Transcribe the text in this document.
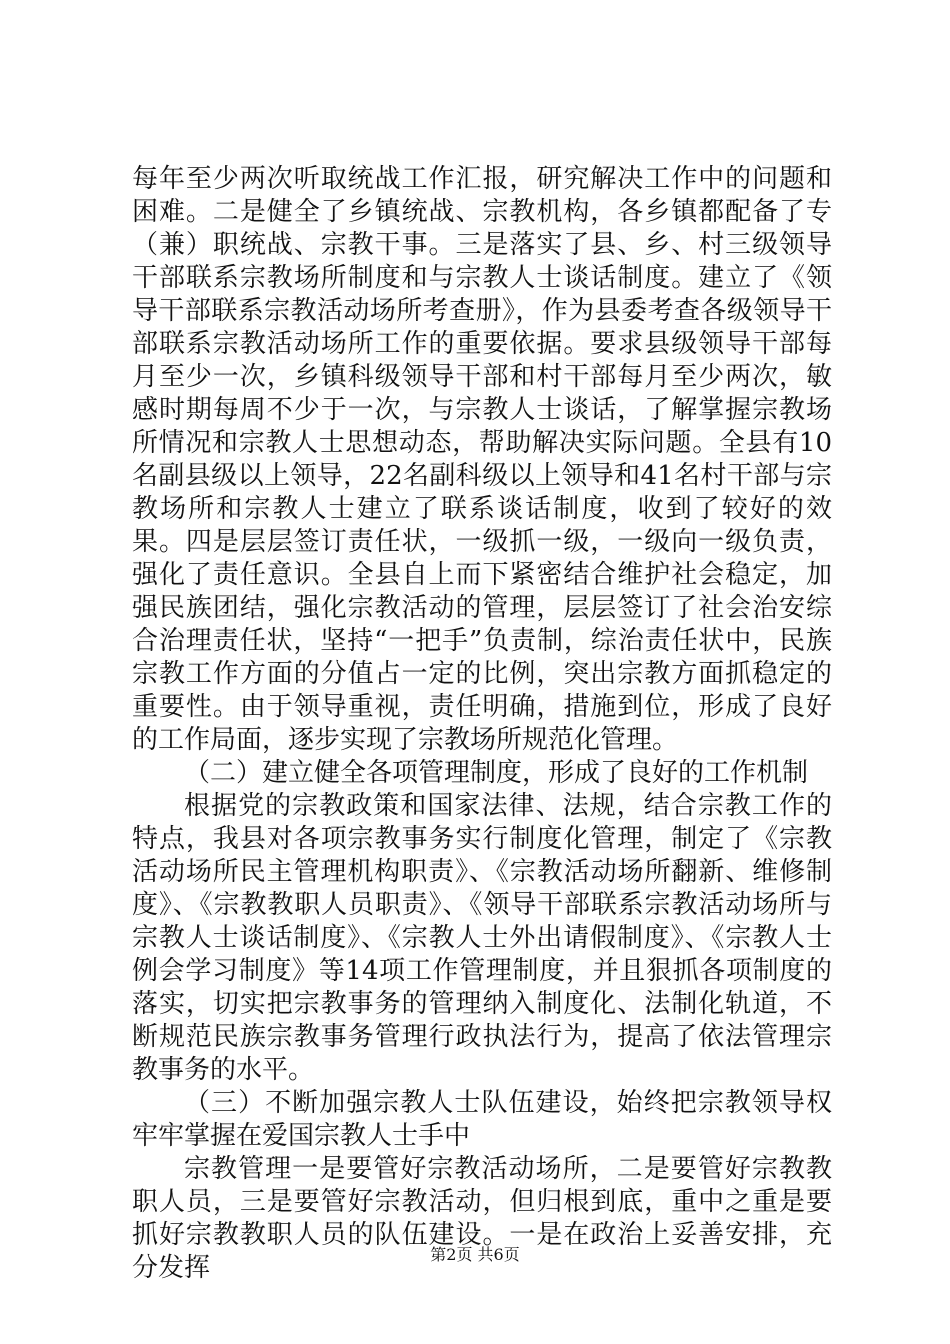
每年至少两次听取统战工作汇报，研究解决工作中的问题和困难。二是健全了乡镇统战、宗教机构，各乡镇都配备了专（兼）职统战、宗教干事。三是落实了县、乡、村三级领导干部联系宗教场所制度和与宗教人士谈话制度。建立了《领导干部联系宗教活动场所考查册》，作为县委考查各级领导干部联系宗教活动场所工作的重要依据。要求县级领导干部每月至少一次，乡镇科级领导干部和村干部每月至少两次，敏感时期每周不少于一次，与宗教人士谈话，了解掌握宗教场所情况和宗教人士思想动态，帮助解决实际问题。全县有10名副县级以上领导，22名副科级以上领导和41名村干部与宗教场所和宗教人士建立了联系谈话制度，收到了较好的效果。四是层层签订责任状，一级抓一级，一级向一级负责，强化了责任意识。全县自上而下紧密结合维护社会稳定，加强民族团结，强化宗教活动的管理，层层签订了社会治安综合治理责任状，坚持“一把手”负责制，综治责任状中，民族宗教工作方面的分值占一定的比例，突出宗教方面抓稳定的重要性。由于领导重视，责任明确，措施到位，形成了良好的工作局面，逐步实现了宗教场所规范化管理。

（二）建立健全各项管理制度，形成了良好的工作机制

根据党的宗教政策和国家法律、法规，结合宗教工作的特点，我县对各项宗教事务实行制度化管理，制定了《宗教活动场所民主管理机构职责》、《宗教活动场所翻新、维修制度》、《宗教教职人员职责》、《领导干部联系宗教活动场所与宗教人士谈话制度》、《宗教人士外出请假制度》、《宗教人士例会学习制度》等14项工作管理制度，并且狠抓各项制度的落实，切实把宗教事务的管理纳入制度化、法制化轨道，不断规范民族宗教事务管理行政执法行为，提高了依法管理宗教事务的水平。

（三）不断加强宗教人士队伍建设，始终把宗教领导权牢牢掌握在爱国宗教人士手中

宗教管理一是要管好宗教活动场所，二是要管好宗教教职人员，三是要管好宗教活动，但归根到底，重中之重是要抓好宗教教职人员的队伍建设。一是在政治上妥善安排，充分发挥	第2页 共6页
